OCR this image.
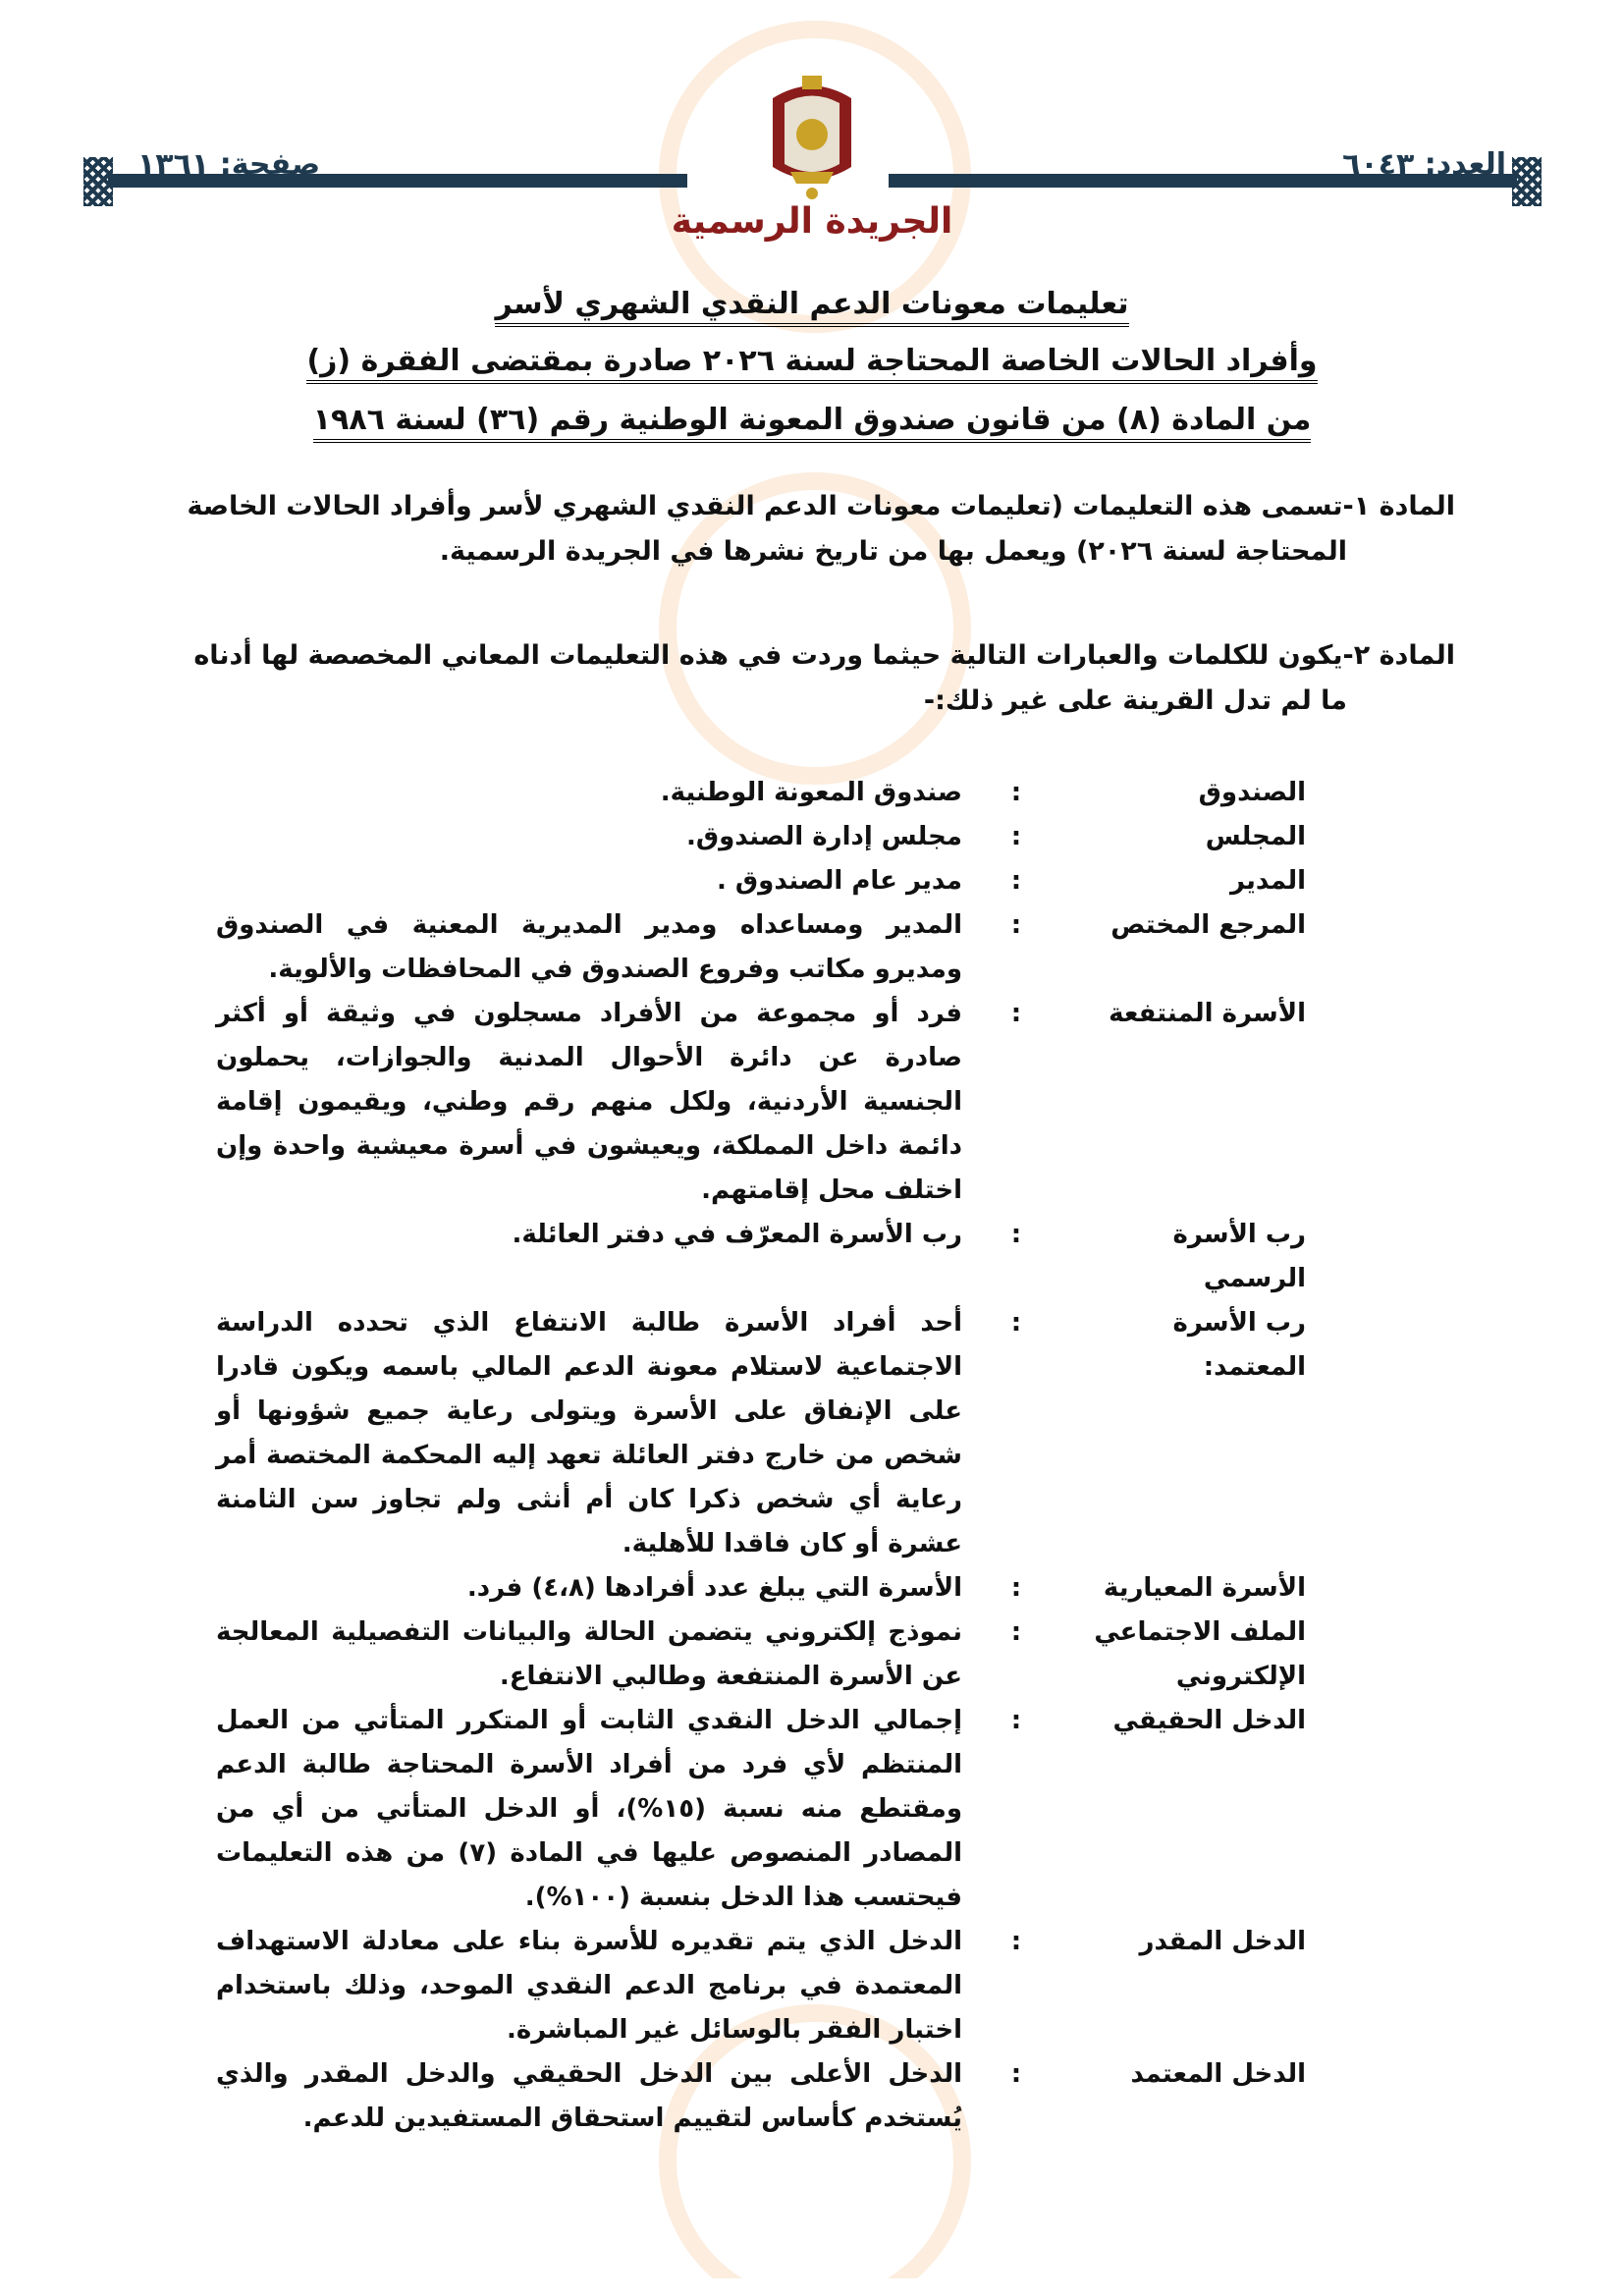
صفحة: ١٣٦١	العدد: ٦٠٤٣
الجريدة الرسمية
تعليمات معونات الدعم النقدي الشهري لأسر
وأفراد الحالات الخاصة المحتاجة لسنة ٢٠٢٦ صادرة بمقتضى الفقرة (ز)
من المادة (٨) من قانون صندوق المعونة الوطنية رقم (٣٦) لسنة ١٩٨٦
المادة ١-تسمى هذه التعليمات (تعليمات معونات الدعم النقدي الشهري لأسر وأفراد الحالات الخاصة
المحتاجة لسنة ٢٠٢٦) ويعمل بها من تاريخ نشرها في الجريدة الرسمية.
المادة ٢-يكون للكلمات والعبارات التالية حيثما وردت في هذه التعليمات المعاني المخصصة لها أدناه
ما لم تدل القرينة على غير ذلك:-
الصندوق
:
صندوق المعونة الوطنية.
المجلس
:
مجلس إدارة الصندوق.
المدير
:
مدير عام الصندوق .
المرجع المختص
:
المدير ومساعداه ومدير المديرية المعنية في الصندوق ومديرو مكاتب وفروع الصندوق في المحافظات والألوية.
الأسرة المنتفعة
:
فرد أو مجموعة من الأفراد مسجلون في وثيقة أو أكثر صادرة عن دائرة الأحوال المدنية والجوازات، يحملون الجنسية الأردنية، ولكل منهم رقم وطني، ويقيمون إقامة دائمة داخل المملكة، ويعيشون في أسرة معيشية واحدة وإن اختلف محل إقامتهم.
رب الأسرة الرسمي
:
رب الأسرة المعرّف في دفتر العائلة.
رب الأسرة المعتمد:
:
أحد أفراد الأسرة طالبة الانتفاع الذي تحدده الدراسة الاجتماعية لاستلام معونة الدعم المالي باسمه ويكون قادرا على الإنفاق على الأسرة ويتولى رعاية جميع شؤونها أو شخص من خارج دفتر العائلة تعهد إليه المحكمة المختصة أمر رعاية أي شخص ذكرا كان أم أنثى ولم تجاوز سن الثامنة عشرة أو كان فاقدا للأهلية.
الأسرة المعيارية
:
الأسرة التي يبلغ عدد أفرادها (٤،٨) فرد.
الملف الاجتماعي الإلكتروني
:
نموذج إلكتروني يتضمن الحالة والبيانات التفصيلية المعالجة عن الأسرة المنتفعة وطالبي الانتفاع.
الدخل الحقيقي
:
إجمالي الدخل النقدي الثابت أو المتكرر المتأتي من العمل المنتظم لأي فرد من أفراد الأسرة المحتاجة طالبة الدعم ومقتطع منه نسبة (١٥%)، أو الدخل المتأتي من أي من المصادر المنصوص عليها في المادة (٧) من هذه التعليمات فيحتسب هذا الدخل بنسبة (١٠٠%).
الدخل المقدر
:
الدخل الذي يتم تقديره للأسرة بناء على معادلة الاستهداف المعتمدة في برنامج الدعم النقدي الموحد، وذلك باستخدام اختبار الفقر بالوسائل غير المباشرة.
الدخل المعتمد
:
الدخل الأعلى بين الدخل الحقيقي والدخل المقدر والذي يُستخدم كأساس لتقييم استحقاق المستفيدين للدعم.
